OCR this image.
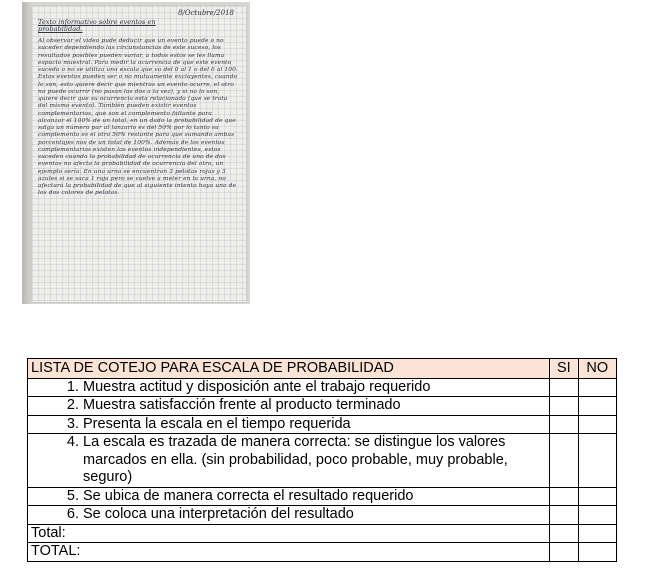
8/Octubre/2018
Texto informativo sobre eventos en probabilidad.
Al observar el video pude deducir que un evento puede o no suceder dependiendo las circunstancias de este suceso, los resultados posibles pueden variar, a todos estos se les llama espacio muestral. Para medir la ocurrencia de que este evento suceda o no se utiliza una escala que va del 0 al 1 o del 0 al 100. Estos eventos pueden ser o no mutuamente excluyentes, cuando lo son, esto quiere decir que mientras un evento ocurre, el otro no puede ocurrir (no pasan los dos a la vez), y si no lo son, quiere decir que su ocurrencia esta relacionada (que se trata del mismo evento). También pueden existir eventos complementarios, que son el complemento faltante para alcanzar el 100% de un total, en un dado la probabilidad de que salga un número par al lanzarlo es del 50% por lo tanto su complemento es el otro 50% restante para que sumando ambas porcentajes nos de un total de 100%. Además de los eventos complementarios existen los eventos independientes, estos suceden cuando la probabilidad de ocurrencia de uno de dos eventos no afecta la probabilidad de ocurrencia del otro, un ejemplo sería: En una urna se encuentran 3 pelotas rojas y 3 azules si se saca 1 roja pero se vuelve a meter en la urna, no afectará la probabilidad de que al siguiente intento haya uno de los dos colores de pelotas.
LISTA DE COTEJO PARA ESCALA DE PROBABILIDAD	SI	NO
1. Muestra actitud y disposición ante el trabajo requerido		
2. Muestra satisfacción frente al producto terminado		
3. Presenta la escala en el tiempo requerida		
4. La escala es trazada de manera correcta: se distingue los valores marcados en ella. (sin probabilidad, poco probable, muy probable, seguro)		
5. Se ubica de manera correcta el resultado requerido		
6. Se coloca una interpretación del resultado		
Total:		
TOTAL:		
